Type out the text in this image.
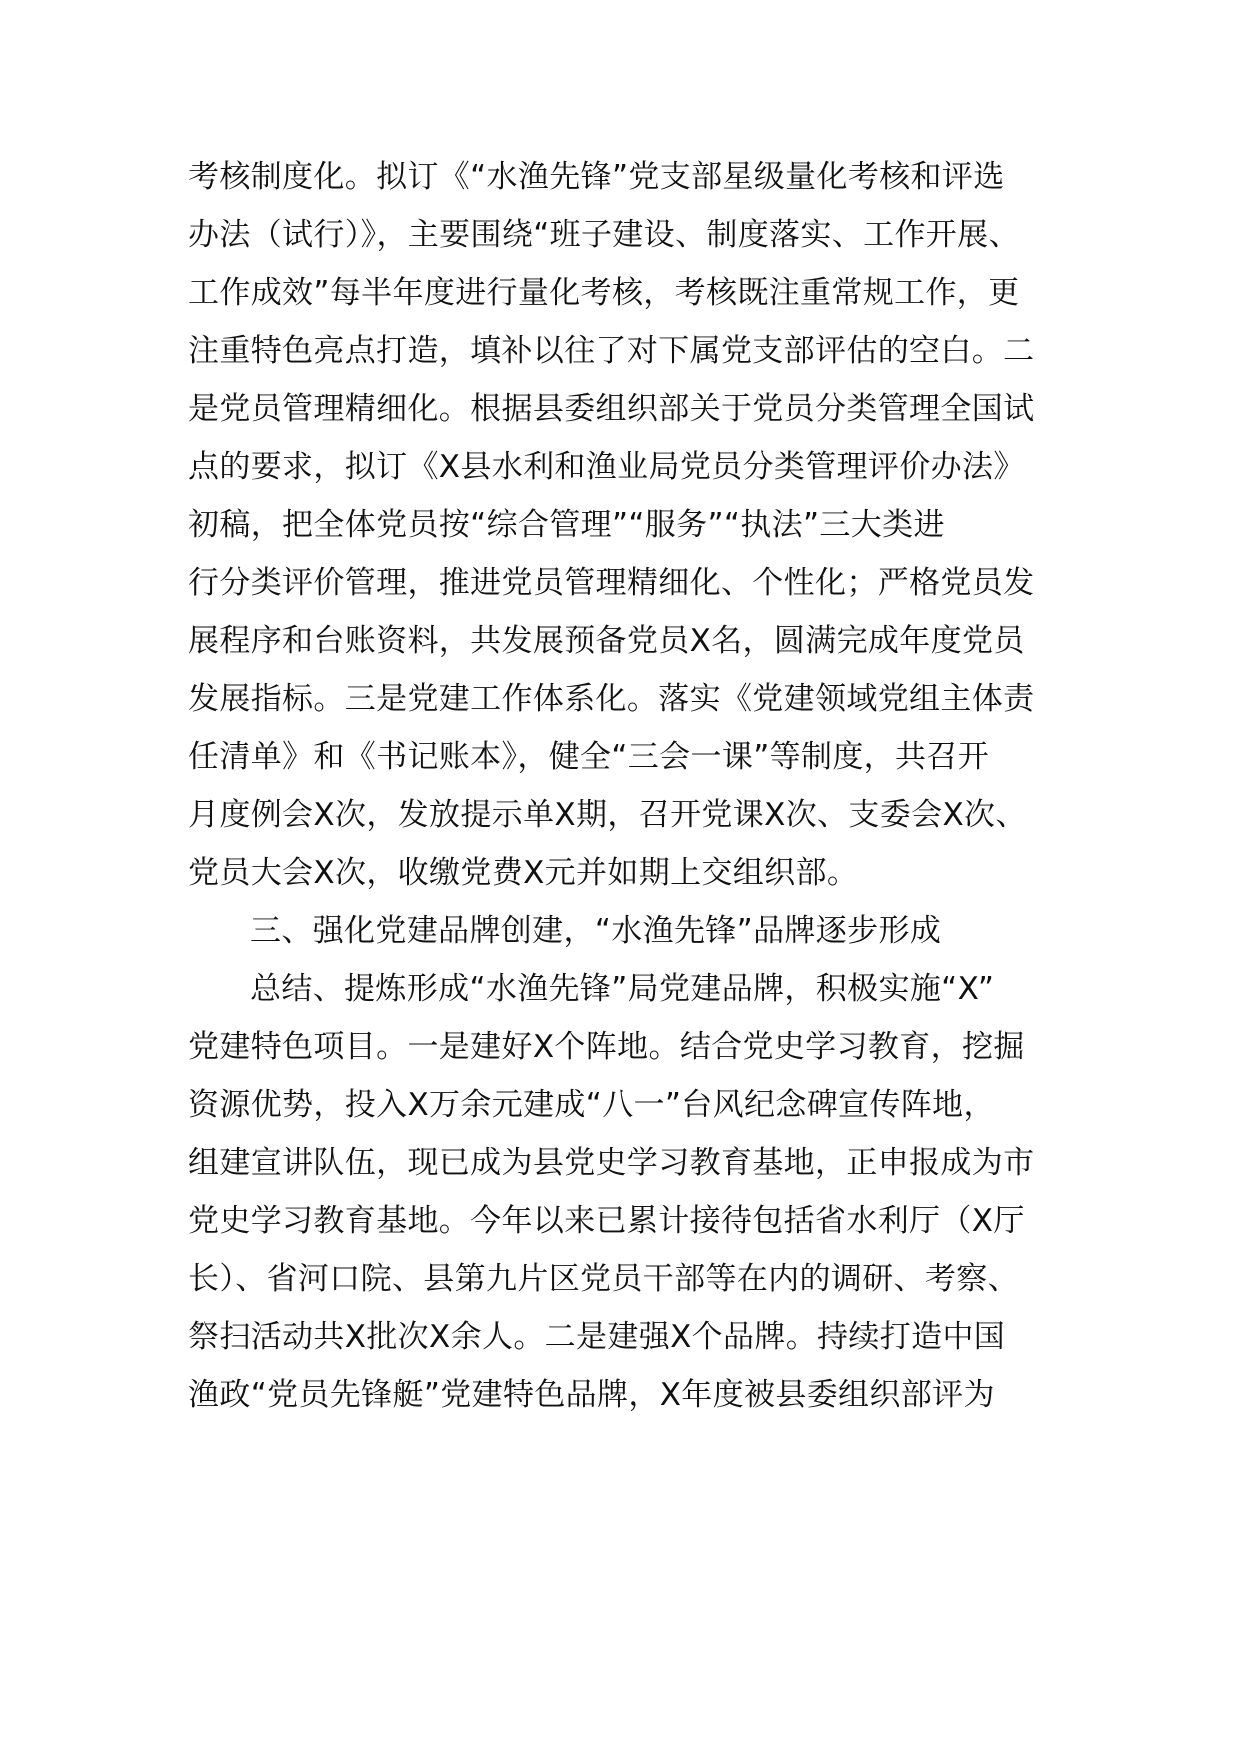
考核制度化。拟订《“水渔先锋”党支部星级量化考核和评选
办法（试行）》，主要围绕“班子建设、制度落实、工作开展、
工作成效”每半年度进行量化考核，考核既注重常规工作，更
注重特色亮点打造，填补以往了对下属党支部评估的空白。二
是党员管理精细化。根据县委组织部关于党员分类管理全国试
点的要求，拟订《X县水利和渔业局党员分类管理评价办法》
初稿，把全体党员按“综合管理”“服务”“执法”三大类进
行分类评价管理，推进党员管理精细化、个性化；严格党员发
展程序和台账资料，共发展预备党员X名，圆满完成年度党员
发展指标。三是党建工作体系化。落实《党建领域党组主体责
任清单》和《书记账本》，健全“三会一课”等制度，共召开
月度例会X次，发放提示单X期，召开党课X次、支委会X次、
党员大会X次，收缴党费X元并如期上交组织部。
三、强化党建品牌创建，“水渔先锋”品牌逐步形成
总结、提炼形成“水渔先锋”局党建品牌，积极实施“X”
党建特色项目。一是建好X个阵地。结合党史学习教育，挖掘
资源优势，投入X万余元建成“八一”台风纪念碑宣传阵地，
组建宣讲队伍，现已成为县党史学习教育基地，正申报成为市
党史学习教育基地。今年以来已累计接待包括省水利厅（X厅
长）、省河口院、县第九片区党员干部等在内的调研、考察、
祭扫活动共X批次X余人。二是建强X个品牌。持续打造中国
渔政“党员先锋艇”党建特色品牌，X年度被县委组织部评为
